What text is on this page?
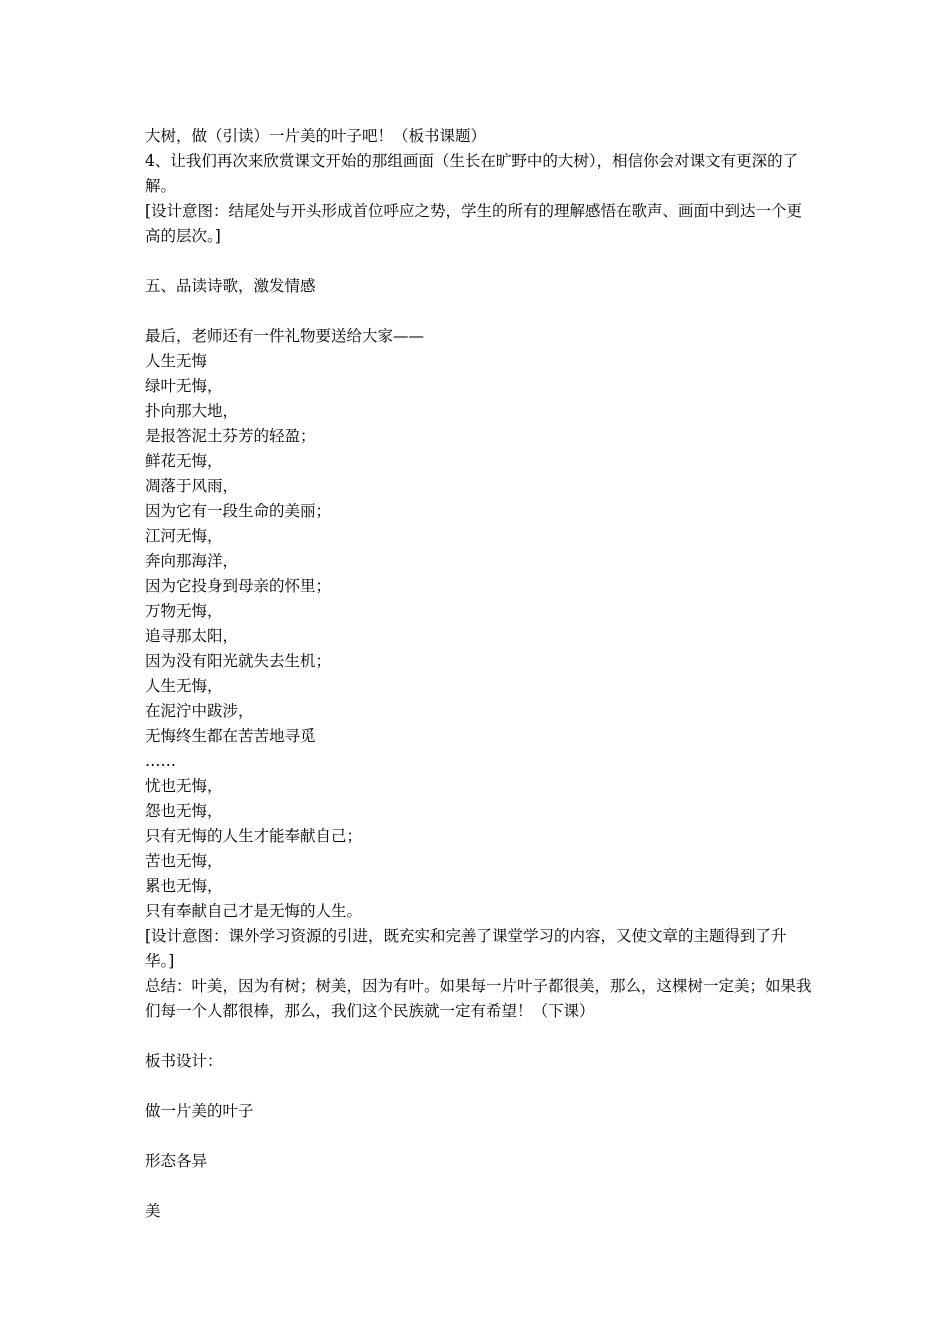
大树，做（引读）一片美的叶子吧！（板书课题）
4、让我们再次来欣赏课文开始的那组画面（生长在旷野中的大树），相信你会对课文有更深的了解。
[设计意图：结尾处与开头形成首位呼应之势，学生的所有的理解感悟在歌声、画面中到达一个更高的层次。]
五、品读诗歌，激发情感
最后，老师还有一件礼物要送给大家——
人生无悔
绿叶无悔，
扑向那大地，
是报答泥土芬芳的轻盈；
鲜花无悔，
凋落于风雨，
因为它有一段生命的美丽；
江河无悔，
奔向那海洋，
因为它投身到母亲的怀里；
万物无悔，
追寻那太阳，
因为没有阳光就失去生机；
人生无悔，
在泥泞中跋涉，
无悔终生都在苦苦地寻觅
……
忧也无悔，
怨也无悔，
只有无悔的人生才能奉献自己；
苦也无悔，
累也无悔，
只有奉献自己才是无悔的人生。
[设计意图：课外学习资源的引进，既充实和完善了课堂学习的内容，又使文章的主题得到了升华。]
总结：叶美，因为有树；树美，因为有叶。如果每一片叶子都很美，那么，这棵树一定美；如果我们每一个人都很棒，那么，我们这个民族就一定有希望！（下课）
板书设计：
做一片美的叶子
形态各异
美
